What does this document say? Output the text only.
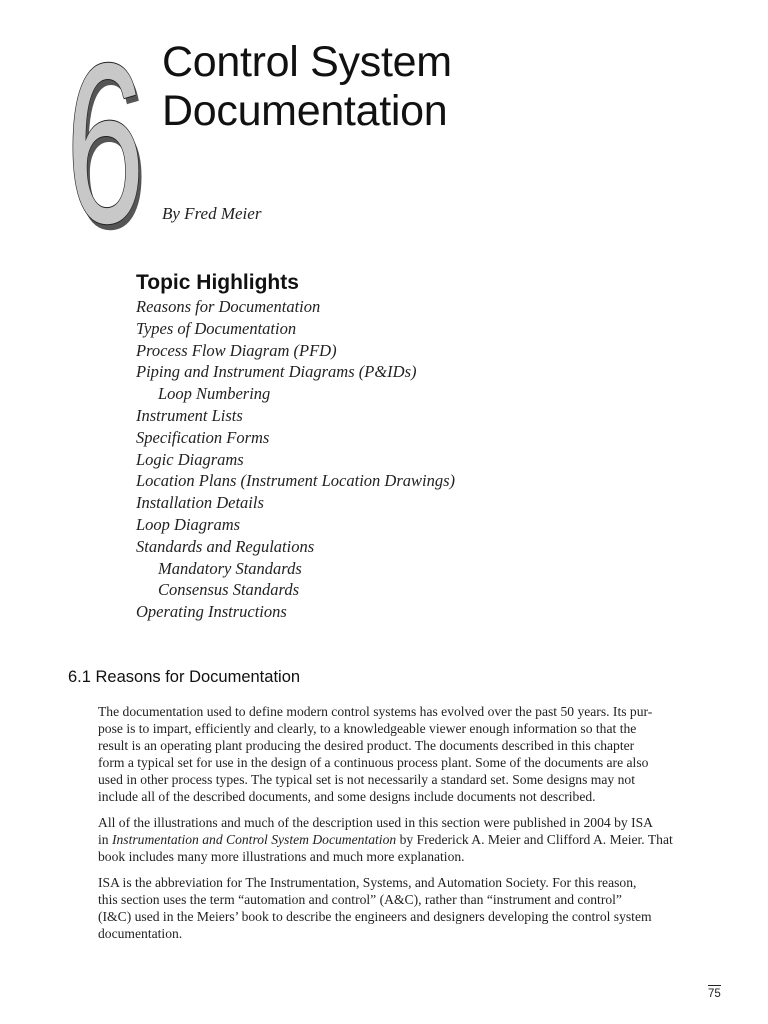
6 Control System
Documentation
By Fred Meier
Topic Highlights
Reasons for Documentation
Types of Documentation
Process Flow Diagram (PFD)
Piping and Instrument Diagrams (P&IDs)
Loop Numbering
Instrument Lists
Specification Forms
Logic Diagrams
Location Plans (Instrument Location Drawings)
Installation Details
Loop Diagrams
Standards and Regulations
Mandatory Standards
Consensus Standards
Operating Instructions
6.1 Reasons for Documentation

The documentation used to define modern control systems has evolved over the past 50 years. Its pur-
pose is to impart, efficiently and clearly, to a knowledgeable viewer enough information so that the
result is an operating plant producing the desired product. The documents described in this chapter
form a typical set for use in the design of a continuous process plant. Some of the documents are also
used in other process types. The typical set is not necessarily a standard set. Some designs may not
include all of the described documents, and some designs include documents not described.

All of the illustrations and much of the description used in this section were published in 2004 by ISA
in Instrumentation and Control System Documentation by Frederick A. Meier and Clifford A. Meier. That
book includes many more illustrations and much more explanation.

ISA is the abbreviation for The Instrumentation, Systems, and Automation Society. For this reason,
this section uses the term “automation and control” (A&C), rather than “instrument and control”
(I&C) used in the Meiers’ book to describe the engineers and designers developing the control system
documentation.

75
